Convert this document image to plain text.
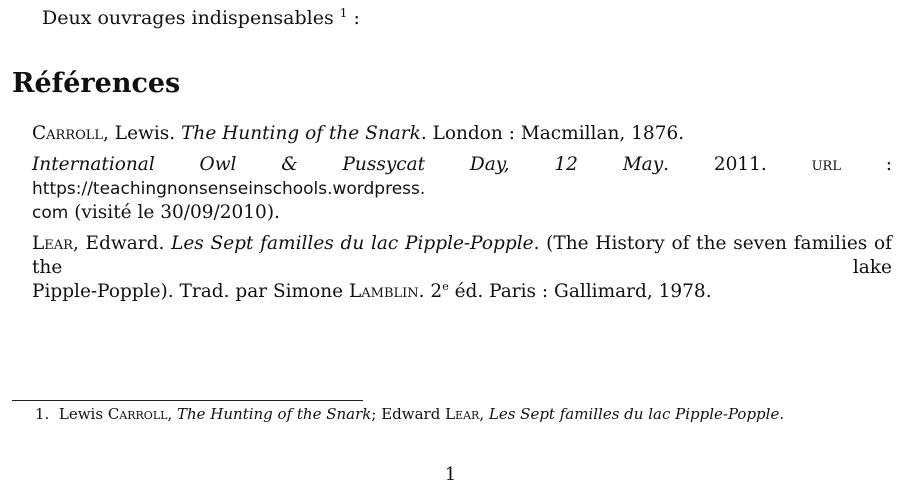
Deux ouvrages indispensables $^1$ :
Références

Carroll, Lewis. The Hunting of the Snark. London : Macmillan, 1876.

International Owl & Pussycat Day, 12 May. 2011. url : https://teachingnonsenseinschools.wordpress.
com (visité le 30/09/2010).

Lear, Edward. Les Sept familles du lac Pipple-Popple. (The History of the seven families of the lake
Pipple-Popple). Trad. par Simone Lamblin. 2e éd. Paris : Gallimard, 1978.

1. Lewis Carroll, The Hunting of the Snark; Edward Lear, Les Sept familles du lac Pipple-Popple.
1
